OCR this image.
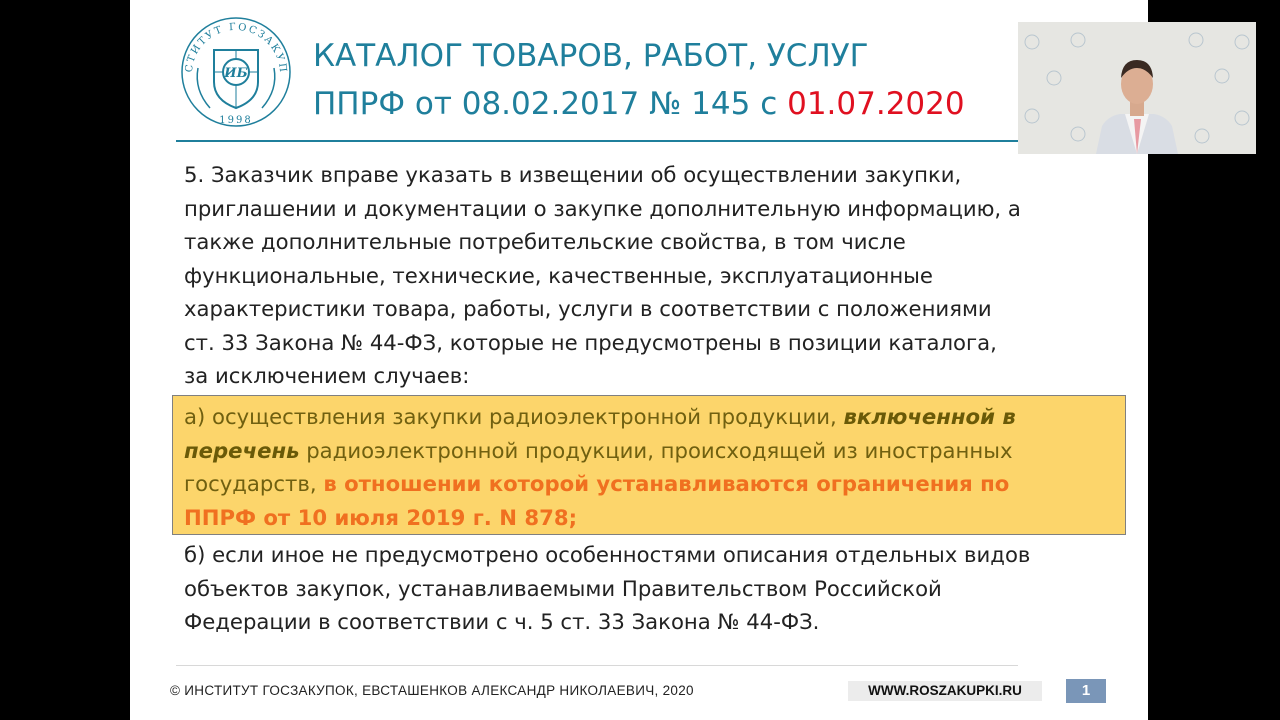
СТИТУТ ГОСЗАКУП
ИБ
1998
КАТАЛОГ ТОВАРОВ, РАБОТ, УСЛУГ
ППРФ от 08.02.2017 № 145 с 01.07.2020
5. Заказчик вправе указать в извещении об осуществлении закупки,
приглашении и документации о закупке дополнительную информацию, а
также дополнительные потребительские свойства, в том числе
функциональные, технические, качественные, эксплуатационные
характеристики товара, работы, услуги в соответствии с положениями
ст. 33 Закона № 44-ФЗ, которые не предусмотрены в позиции каталога,
за исключением случаев:
а) осуществления закупки радиоэлектронной продукции, включенной в
перечень радиоэлектронной продукции, происходящей из иностранных
государств, в отношении которой устанавливаются ограничения по
ППРФ от 10 июля 2019 г. N 878;
б) если иное не предусмотрено особенностями описания отдельных видов
объектов закупок, устанавливаемыми Правительством Российской
Федерации в соответствии с ч. 5 ст. 33 Закона № 44-ФЗ.
© ИНСТИТУТ ГОСЗАКУПОК, ЕВСТАШЕНКОВ АЛЕКСАНДР НИКОЛАЕВИЧ, 2020	WWW.ROSZAKUPKI.RU	1
